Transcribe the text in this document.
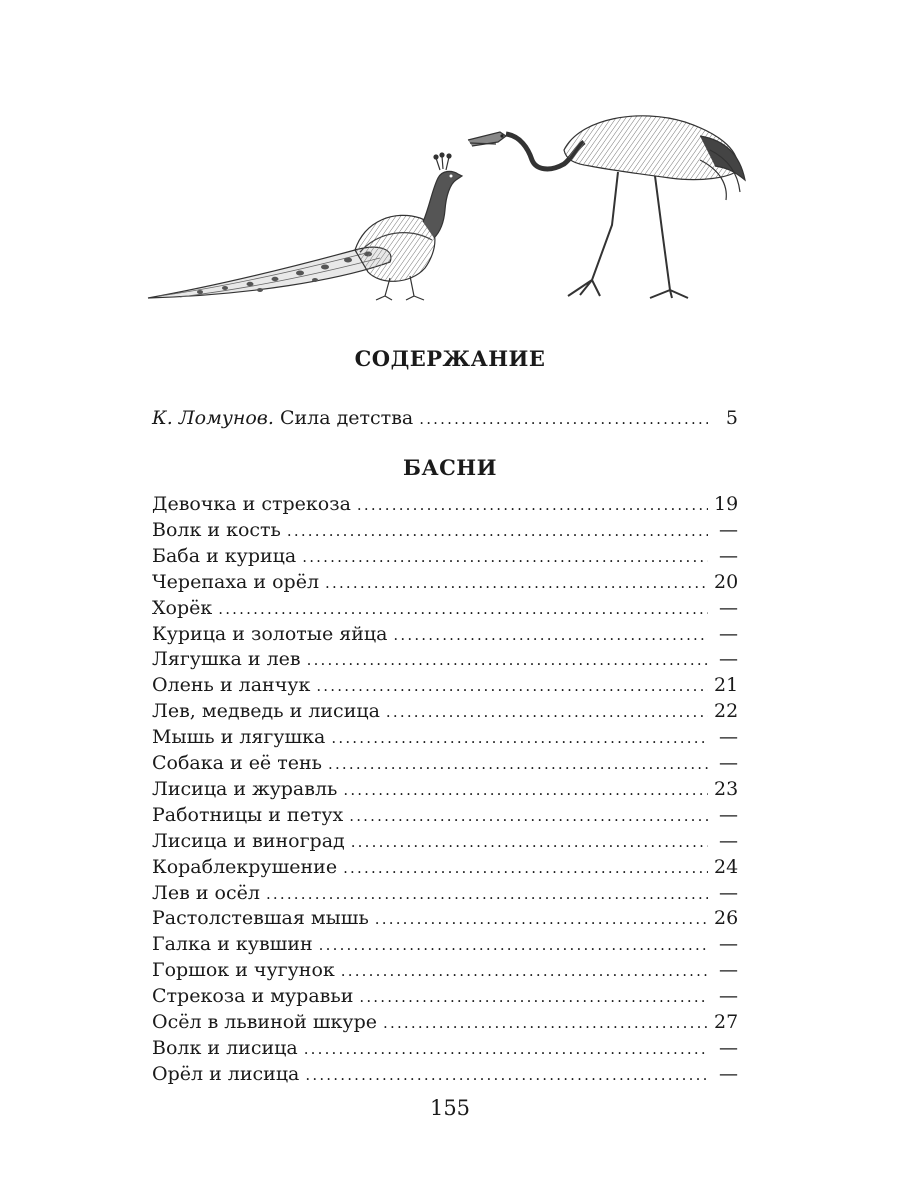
СОДЕРЖАНИЕ
К. Ломунов. Сила детства .....	5
БАСНИ
Девочка и стрекоза .....	19
Волк и кость .....	—
Баба и курица .....	—
Черепаха и орёл .....	20
Хорёк .....	—
Курица и золотые яйца .....	—
Лягушка и лев .....	—
Олень и ланчук .....	21
Лев, медведь и лисица .....	22
Мышь и лягушка .....	—
Собака и её тень .....	—
Лисица и журавль .....	23
Работницы и петух .....	—
Лисица и виноград .....	—
Кораблекрушение .....	24
Лев и осёл .....	—
Растолстевшая мышь .....	26
Галка и кувшин .....	—
Горшок и чугунок .....	—
Стрекоза и муравьи .....	—
Осёл в львиной шкуре .....	27
Волк и лисица .....	—
Орёл и лисица .....	—
155
